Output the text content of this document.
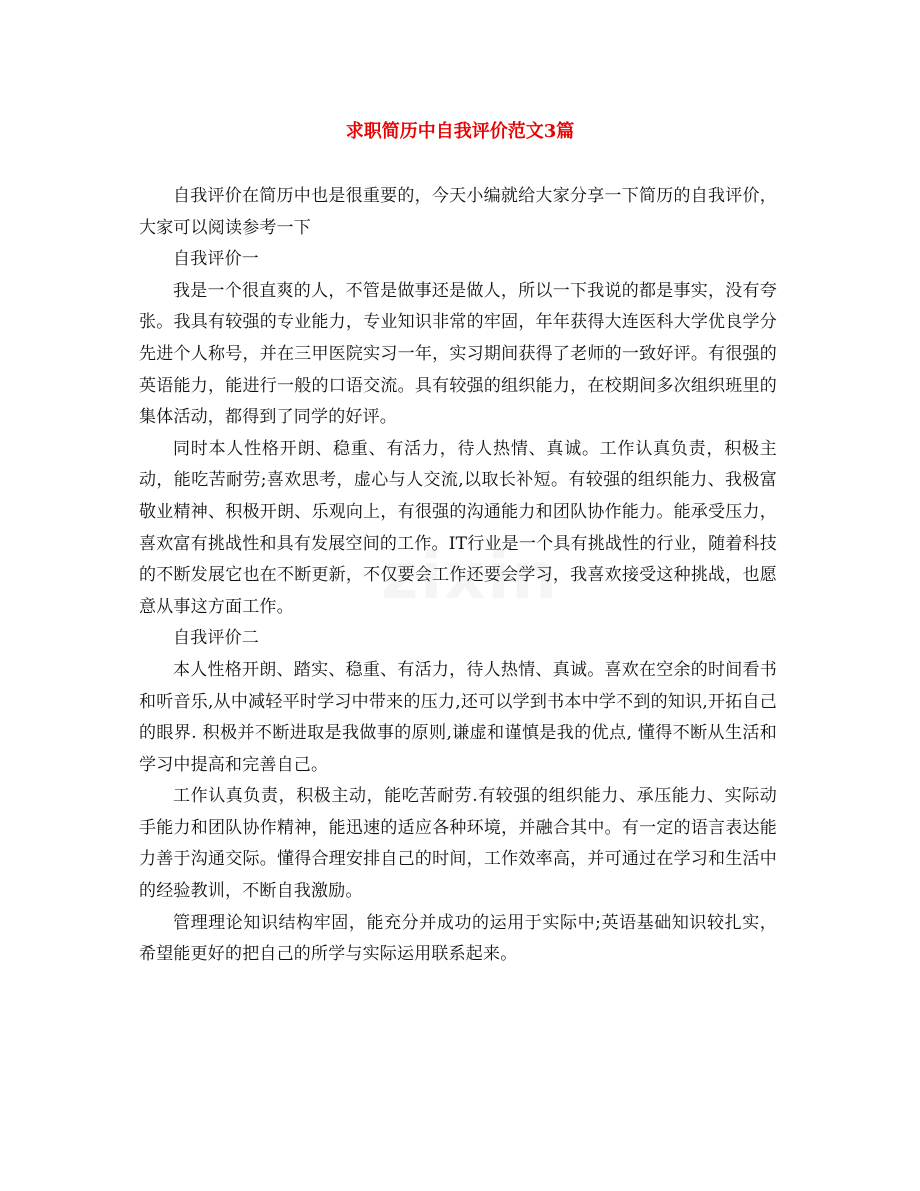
求职简历中自我评价范文3篇

自我评价在简历中也是很重要的，今天小编就给大家分享一下简历的自我评价，大家可以阅读参考一下

自我评价一

我是一个很直爽的人，不管是做事还是做人，所以一下我说的都是事实，没有夸张。我具有较强的专业能力，专业知识非常的牢固，年年获得大连医科大学优良学分先进个人称号，并在三甲医院实习一年，实习期间获得了老师的一致好评。有很强的英语能力，能进行一般的口语交流。具有较强的组织能力，在校期间多次组织班里的集体活动，都得到了同学的好评。

同时本人性格开朗、稳重、有活力，待人热情、真诚。工作认真负责，积极主动，能吃苦耐劳;喜欢思考，虚心与人交流,以取长补短。有较强的组织能力、我极富敬业精神、积极开朗、乐观向上，有很强的沟通能力和团队协作能力。能承受压力，喜欢富有挑战性和具有发展空间的工作。IT行业是一个具有挑战性的行业，随着科技的不断发展它也在不断更新，不仅要会工作还要会学习，我喜欢接受这种挑战，也愿意从事这方面工作。

自我评价二

本人性格开朗、踏实、稳重、有活力，待人热情、真诚。喜欢在空余的时间看书和听音乐,从中减轻平时学习中带来的压力,还可以学到书本中学不到的知识,开拓自己的眼界. 积极并不断进取是我做事的原则,谦虚和谨慎是我的优点, 懂得不断从生活和学习中提高和完善自己。

工作认真负责，积极主动，能吃苦耐劳.有较强的组织能力、承压能力、实际动手能力和团队协作精神，能迅速的适应各种环境，并融合其中。有一定的语言表达能力善于沟通交际。懂得合理安排自己的时间，工作效率高，并可通过在学习和生活中的经验教训，不断自我激励。

管理理论知识结构牢固，能充分并成功的运用于实际中;英语基础知识较扎实，希望能更好的把自己的所学与实际运用联系起来。
